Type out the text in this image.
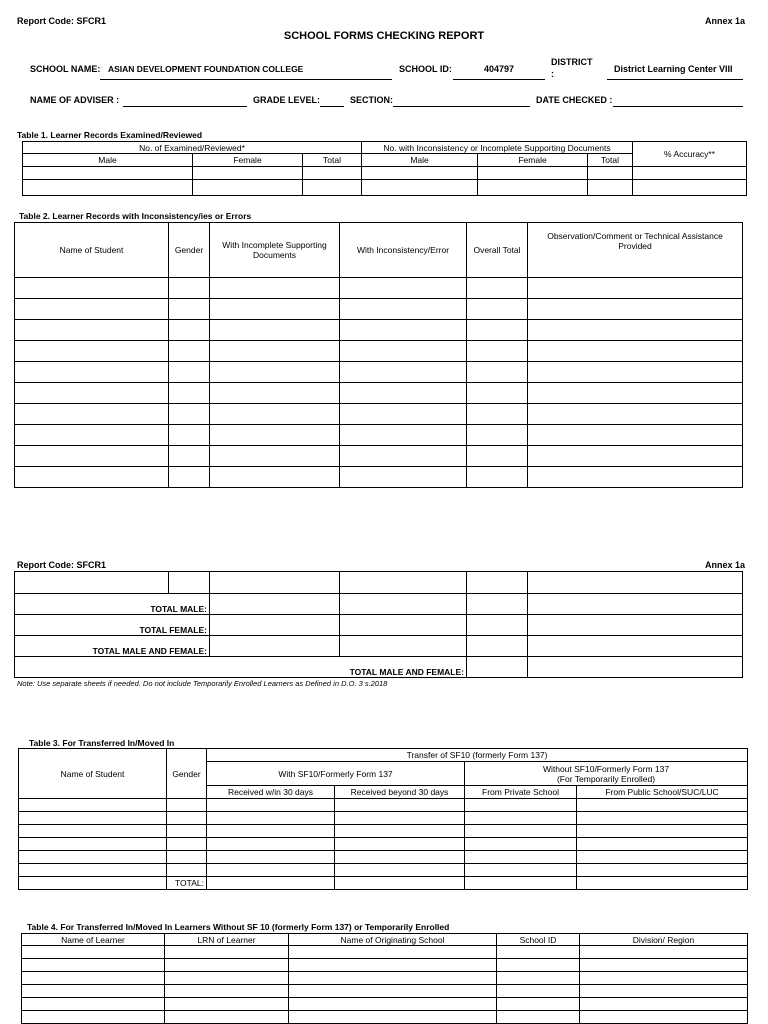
Report Code: SFCR1	Annex 1a
SCHOOL FORMS CHECKING REPORT
SCHOOL NAME: ASIAN DEVELOPMENT FOUNDATION COLLEGE	SCHOOL ID:	404797
DISTRICT
:	District Learning Center VIII
NAME OF ADVISER :	GRADE LEVEL:	SECTION:	DATE CHECKED :
Table 1. Learner Records Examined/Reviewed
No. of Examined/Reviewed*			No. with Inconsistency or Incomplete Supporting Documents			% Accuracy**
Male	Female	Total	Male	Female	Total	

Table 2. Learner Records with Inconsistency/ies or Errors
Name of Student	Gender	With Incomplete Supporting Documents	With Inconsistency/Error	Overall Total	Observation/Comment or Technical Assistance Provided

Report Code: SFCR1	Annex 1a

TOTAL MALE:					
TOTAL FEMALE:					
TOTAL MALE AND FEMALE:					
TOTAL MALE AND FEMALE:					
Note: Use separate sheets if needed. Do not include Temporarily Enrolled Learners as Defined in D.O. 3 s.2018
Table 3. For Transferred In/Moved In
Name of Student	Gender	Transfer of SF10 (formerly Form 137)			
		With SF10/Formerly Form 137		Without SF10/Formerly Form 137
(For Temporarily Enrolled)	

		Received w/in 30 days	Received beyond 30 days	From Private School	From Public School/SUC/LUC

	TOTAL:				
Table 4. For Transferred In/Moved In Learners Without SF 10 (formerly Form 137) or Temporarily Enrolled
Name of Learner	LRN of Learner	Name of Originating School	School ID	Division/ Region
